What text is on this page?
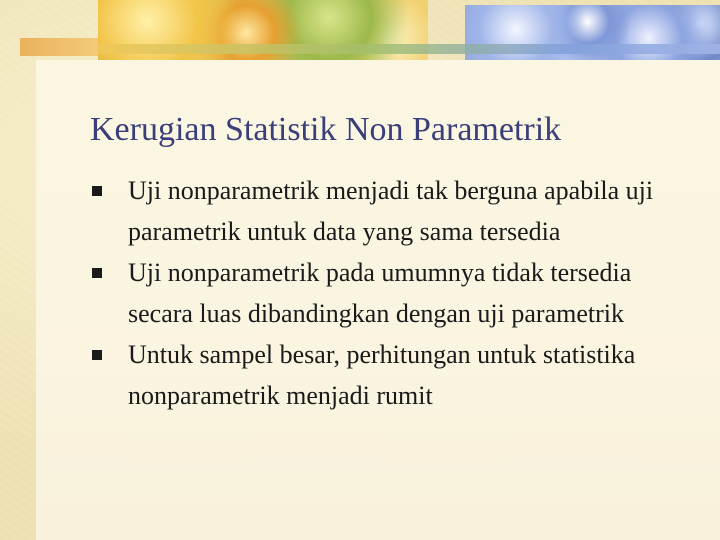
Kerugian Statistik Non Parametrik
Uji nonparametrik menjadi tak berguna apabila uji parametrik untuk data yang sama tersedia
Uji nonparametrik pada umumnya tidak tersedia secara luas dibandingkan dengan uji parametrik
Untuk sampel besar, perhitungan untuk statistika nonparametrik menjadi rumit
